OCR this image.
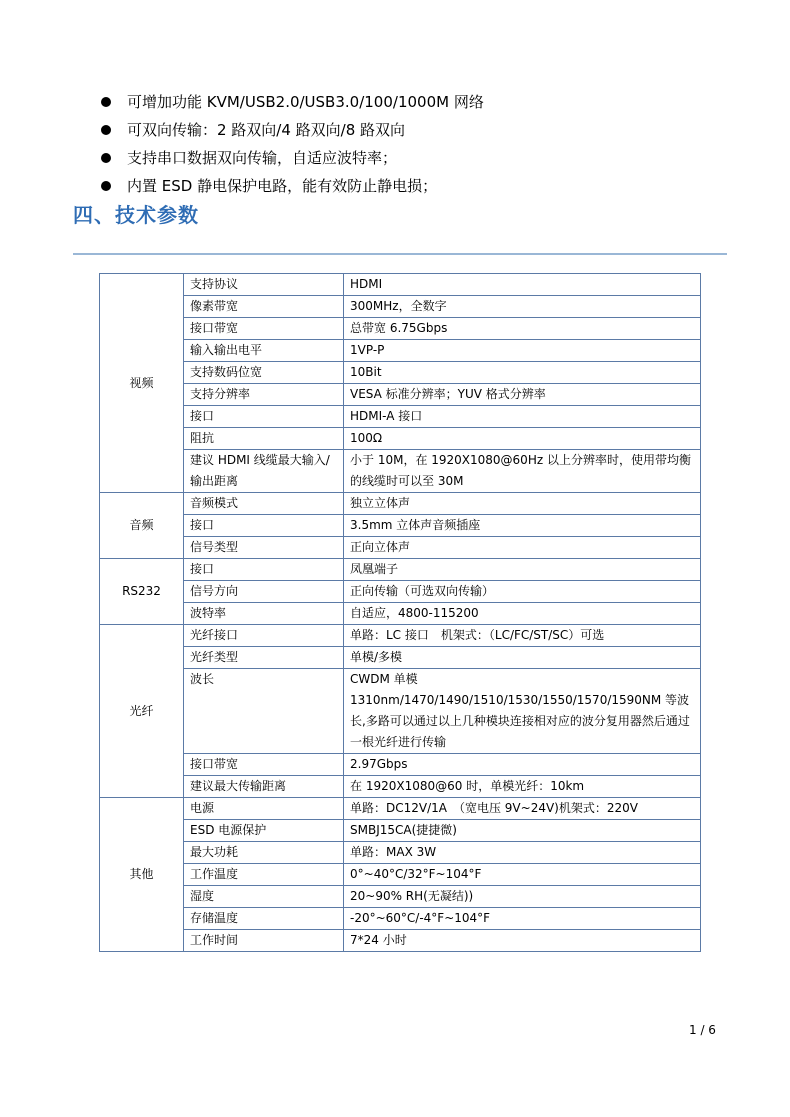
可增加功能 KVM/USB2.0/USB3.0/100/1000M 网络
可双向传输：2 路双向/4 路双向/8 路双向
支持串口数据双向传输，自适应波特率；
内置 ESD 静电保护电路，能有效防止静电损；
四、技术参数
视频	支持协议	HDMI
	像素带宽	300MHz，全数字
	接口带宽	总带宽 6.75Gbps
	输入输出电平	1VP-P
	支持数码位宽	10Bit
	支持分辨率	VESA 标准分辨率；YUV 格式分辨率
	接口	HDMI-A 接口
	阻抗	100Ω
	建议 HDMI 线缆最大输入/输出距离	小于 10M，在 1920X1080@60Hz 以上分辨率时，使用带均衡的线缆时可以至 30M
音频	音频模式	独立立体声
	接口	3.5mm 立体声音频插座
	信号类型	正向立体声
RS232	接口	凤凰端子
	信号方向	正向传输（可选双向传输）
	波特率	自适应，4800-115200
光纤	光纤接口	单路：LC 接口　机架式：（LC/FC/ST/SC）可选
	光纤类型	单模/多模
	波长	CWDM 单模 1310nm/1470/1490/1510/1530/1550/1570/1590NM 等波长,多路可以通过以上几种模块连接相对应的波分复用器然后通过一根光纤进行传输
	接口带宽	2.97Gbps
	建议最大传输距离	在 1920X1080@60 时，单模光纤：10km
其他	电源	单路：DC12V/1A　（宽电压 9V~24V)机架式：220V
	ESD 电源保护	SMBJ15CA(捷捷微)
	最大功耗	单路：MAX 3W
	工作温度	0°~40°C/32°F~104°F
	湿度	20~90% RH(无凝结))
	存储温度	-20°~60°C/-4°F~104°F
	工作时间	7*24 小时
1 / 6
